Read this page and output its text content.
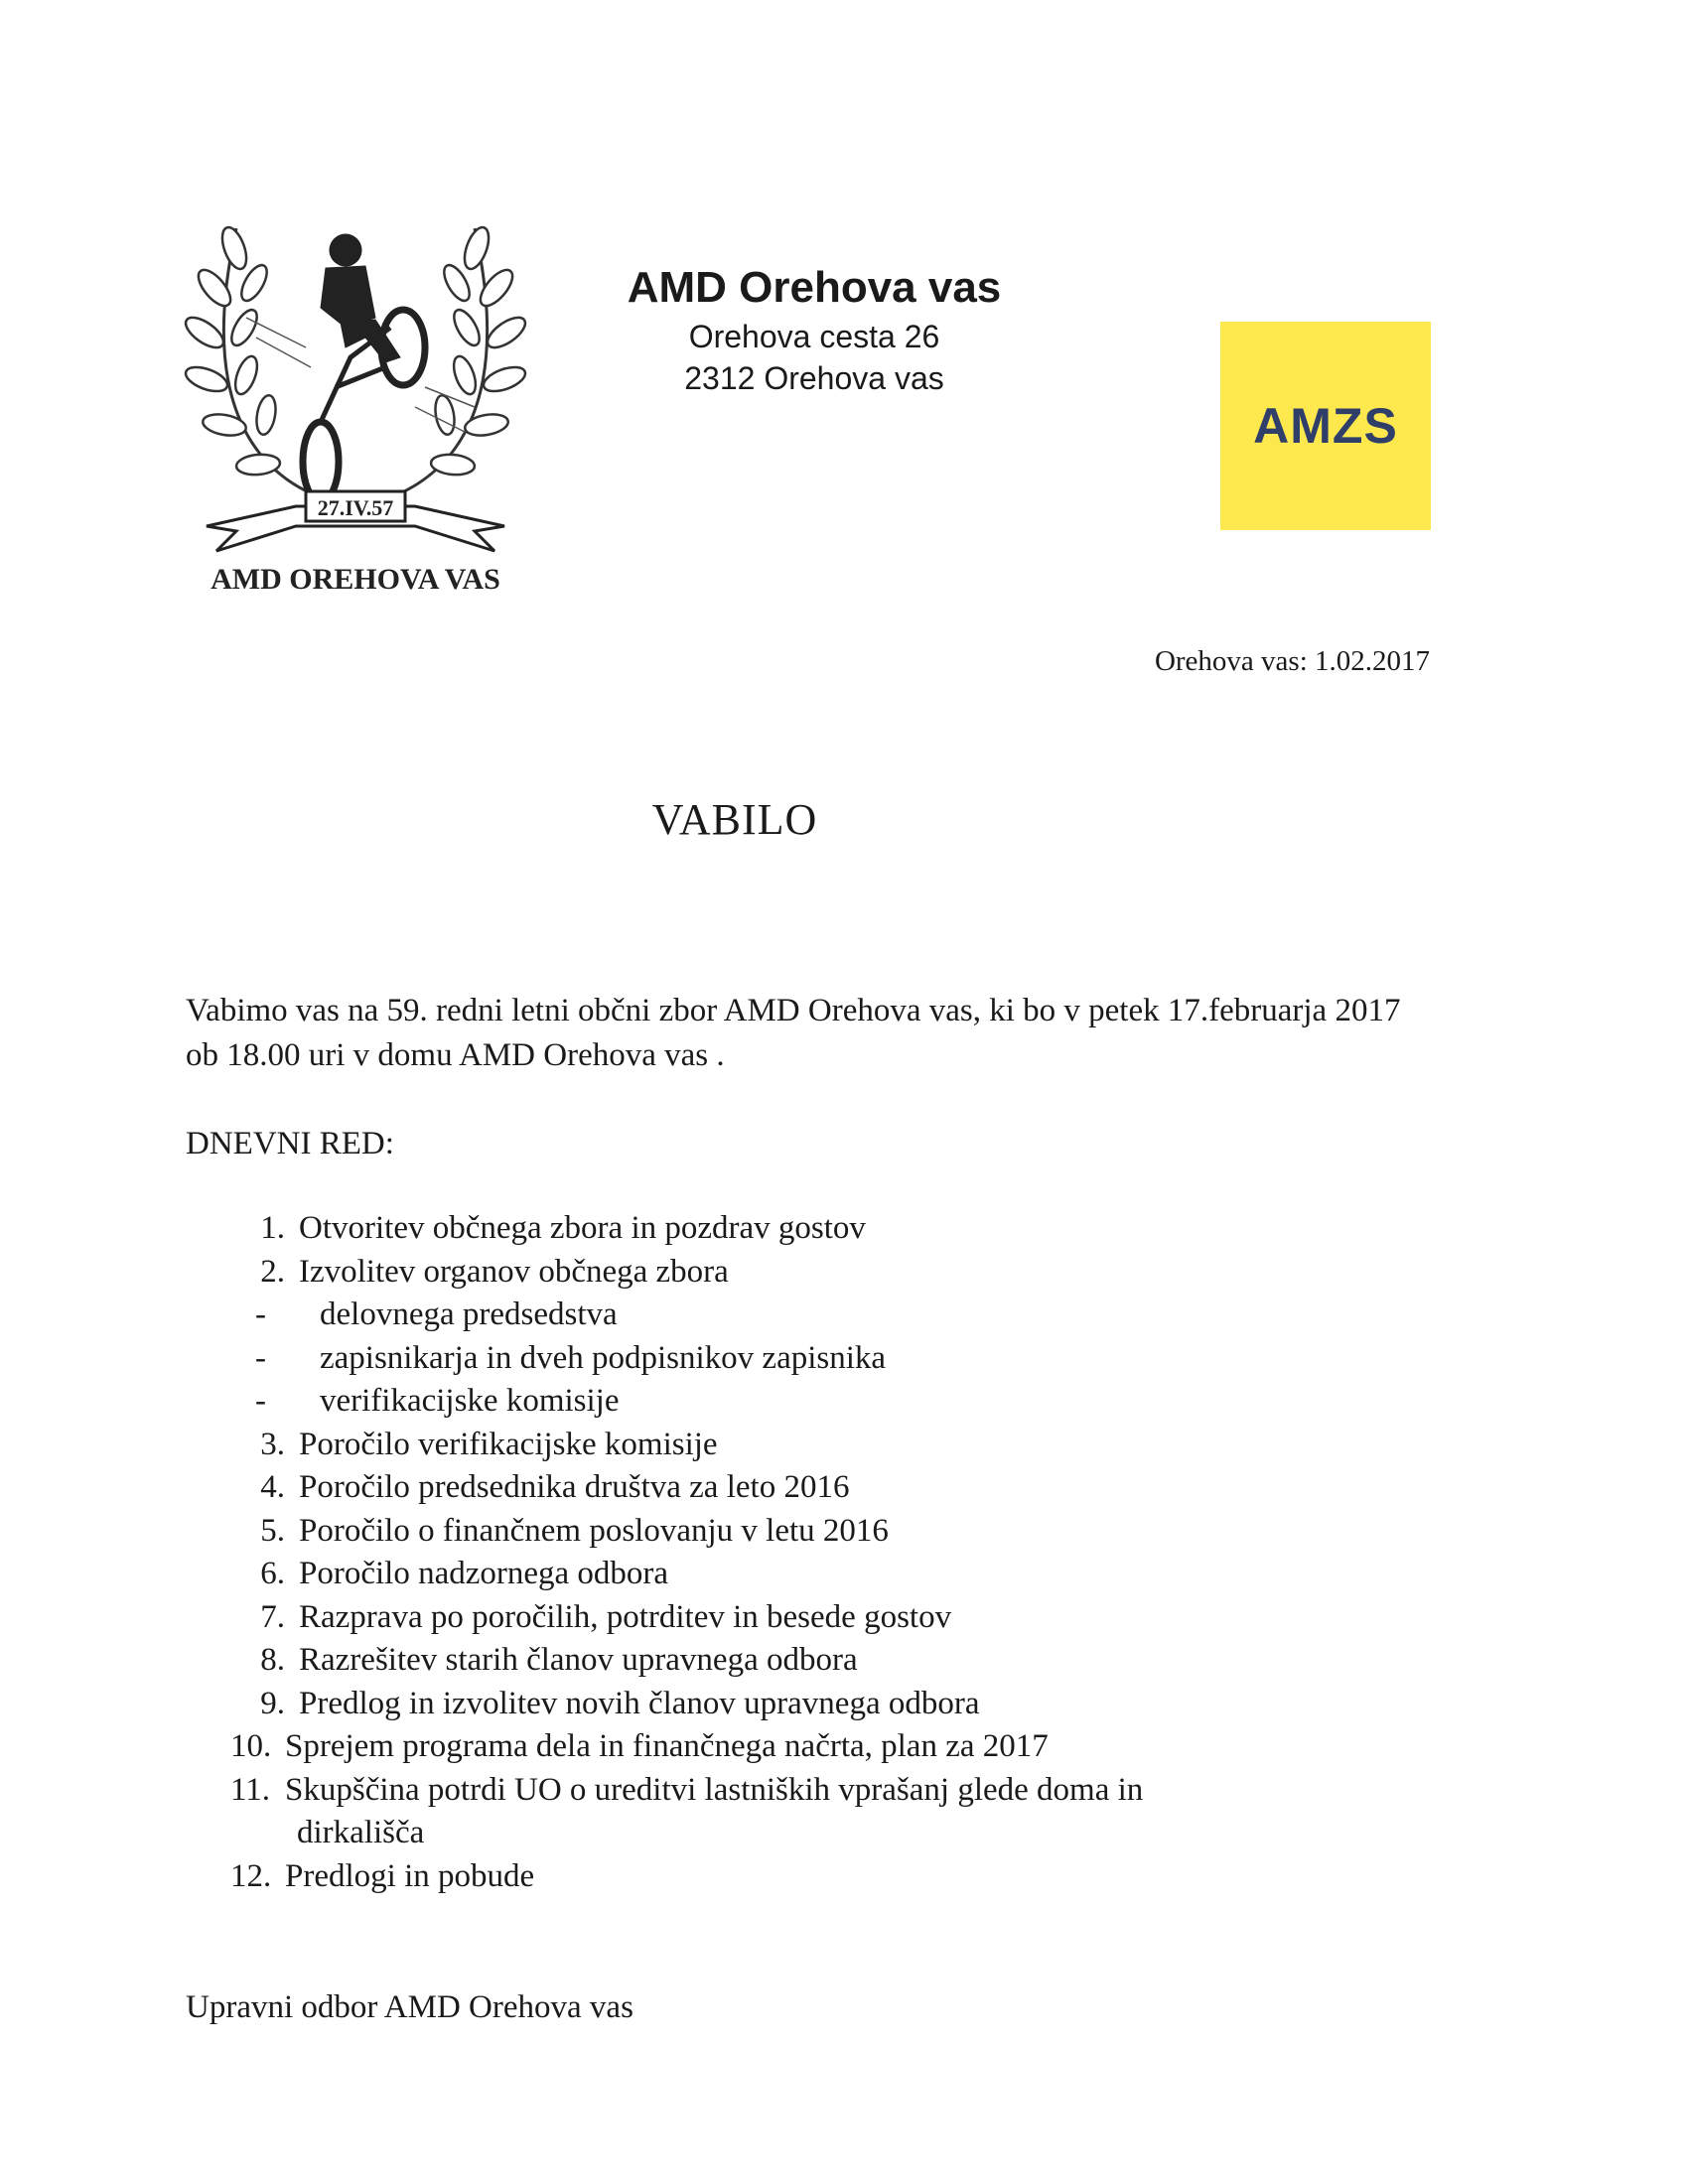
27.IV.57
AMD OREHOVA VAS
AMD Orehova vas
Orehova cesta 26
2312 Orehova vas
AMZS
Orehova vas: 1.02.2017
VABILO
Vabimo vas na 59. redni letni občni zbor AMD Orehova vas, ki bo v petek 17.februarja 2017 ob 18.00 uri v domu AMD Orehova vas .
DNEVNI RED:
1. Otvoritev občnega zbora in pozdrav gostov
2. Izvolitev organov občnega zbora
-	delovnega predsedstva
-	zapisnikarja in dveh podpisnikov zapisnika
-	verifikacijske komisije
3. Poročilo verifikacijske komisije
4. Poročilo predsednika društva za leto 2016
5. Poročilo o finančnem poslovanju v letu 2016
6. Poročilo nadzornega odbora
7. Razprava po poročilih, potrditev in besede gostov
8. Razrešitev starih članov upravnega odbora
9. Predlog in izvolitev novih članov upravnega odbora
10. Sprejem programa dela in finančnega načrta, plan za 2017
11. Skupščina potrdi UO o ureditvi lastniških vprašanj glede doma in
dirkališča
12. Predlogi in pobude
Upravni odbor AMD Orehova vas
